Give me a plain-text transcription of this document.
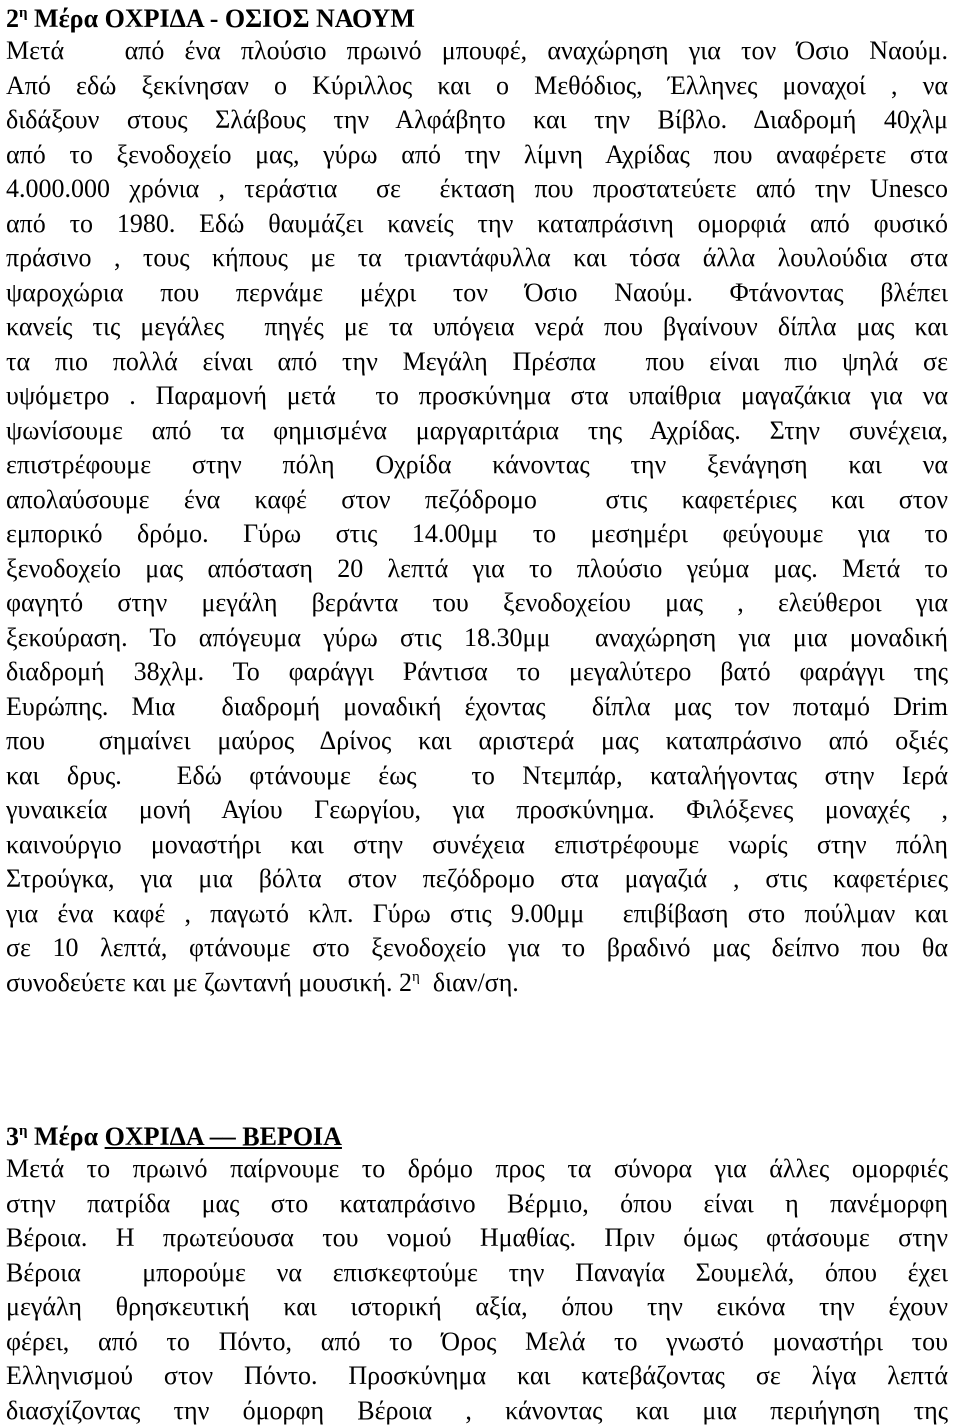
$2^\eta$ Μέρα ΟΧΡΙΔΑ - ΟΣΙΟΣ ΝΑΟΥΜ
Μετά   από ένα πλούσιο πρωινό μπουφέ, αναχώρηση για τον Όσιο Ναούμ.
Από εδώ ξεκίνησαν ο Κύριλλος και ο Μεθόδιος, Έλληνες μοναχοί , να
διδάξουν στους Σλάβους την Αλφάβητο και την Βίβλο. Διαδρομή 40χλμ
από το ξενοδοχείο μας, γύρω από την λίμνη Αχρίδας που αναφέρετε στα
4.000.000 χρόνια , τεράστια  σε  έκταση που προστατεύετε από την Unesco
από το 1980. Εδώ θαυμάζει κανείς την καταπράσινη ομορφιά από φυσικό
πράσινο , τους κήπους με τα τριαντάφυλλα και τόσα άλλα λουλούδια στα
ψαροχώρια που περνάμε μέχρι τον Όσιο Ναούμ. Φτάνοντας βλέπει
κανείς τις μεγάλες  πηγές με τα υπόγεια νερά που βγαίνουν δίπλα μας και
τα πιο πολλά είναι από την Μεγάλη Πρέσπα  που είναι πιο ψηλά σε
υψόμετρο . Παραμονή μετά  το προσκύνημα στα υπαίθρια μαγαζάκια για να
ψωνίσουμε από τα φημισμένα μαργαριτάρια της Αχρίδας. Στην συνέχεια,
επιστρέφουμε στην πόλη Οχρίδα κάνοντας την ξενάγηση και να
απολαύσουμε ένα καφέ στον πεζόδρομο  στις καφετέριες και στον
εμπορικό δρόμο. Γύρω στις 14.00μμ το μεσημέρι φεύγουμε για το
ξενοδοχείο μας απόσταση 20 λεπτά για το πλούσιο γεύμα μας. Μετά το
φαγητό στην μεγάλη βεράντα του ξενοδοχείου μας , ελεύθεροι για
ξεκούραση. Το απόγευμα γύρω στις 18.30μμ  αναχώρηση για μια μοναδική
διαδρομή 38χλμ. Το φαράγγι Ράντισα το μεγαλύτερο βατό φαράγγι της
Ευρώπης. Μια  διαδρομή μοναδική έχοντας  δίπλα μας τον ποταμό Drim
που  σημαίνει μαύρος Δρίνος και αριστερά μας καταπράσινο από οξιές
και δρυς.  Εδώ φτάνουμε έως  το Ντεμπάρ, καταλήγοντας στην Ιερά
γυναικεία μονή Αγίου Γεωργίου, για προσκύνημα. Φιλόξενες μοναχές ,
καινούργιο μοναστήρι και στην συνέχεια επιστρέφουμε νωρίς στην πόλη
Στρούγκα, για μια βόλτα στον πεζόδρομο στα μαγαζιά , στις καφετέριες
για ένα καφέ , παγωτό κλπ. Γύρω στις 9.00μμ  επιβίβαση στο πούλμαν και
σε 10 λεπτά, φτάνουμε στο ξενοδοχείο για το βραδινό μας δείπνο που θα
συνοδεύετε και με ζωντανή μουσική. $2^\eta$  διαν/ση.
$3^\eta$ Μέρα ΟΧΡΙΔΑ –– ΒΕΡΟΙΑ
Μετά το πρωινό παίρνουμε το δρόμο προς τα σύνορα για άλλες ομορφιές
στην πατρίδα μας στο καταπράσινο Βέρμιο, όπου είναι η πανέμορφη
Βέροια. Η πρωτεύουσα του νομού Ημαθίας. Πριν όμως φτάσουμε στην
Βέροια  μπορούμε να επισκεφτούμε την Παναγία Σουμελά, όπου έχει
μεγάλη θρησκευτική και ιστορική αξία, όπου την εικόνα την έχουν
φέρει, από το Πόντο, από το Όρος Μελά το γνωστό μοναστήρι του
Ελληνισμού στον Πόντο. Προσκύνημα και κατεβάζοντας σε λίγα λεπτά
διασχίζοντας την όμορφη Βέροια , κάνοντας και μια περιήγηση της
